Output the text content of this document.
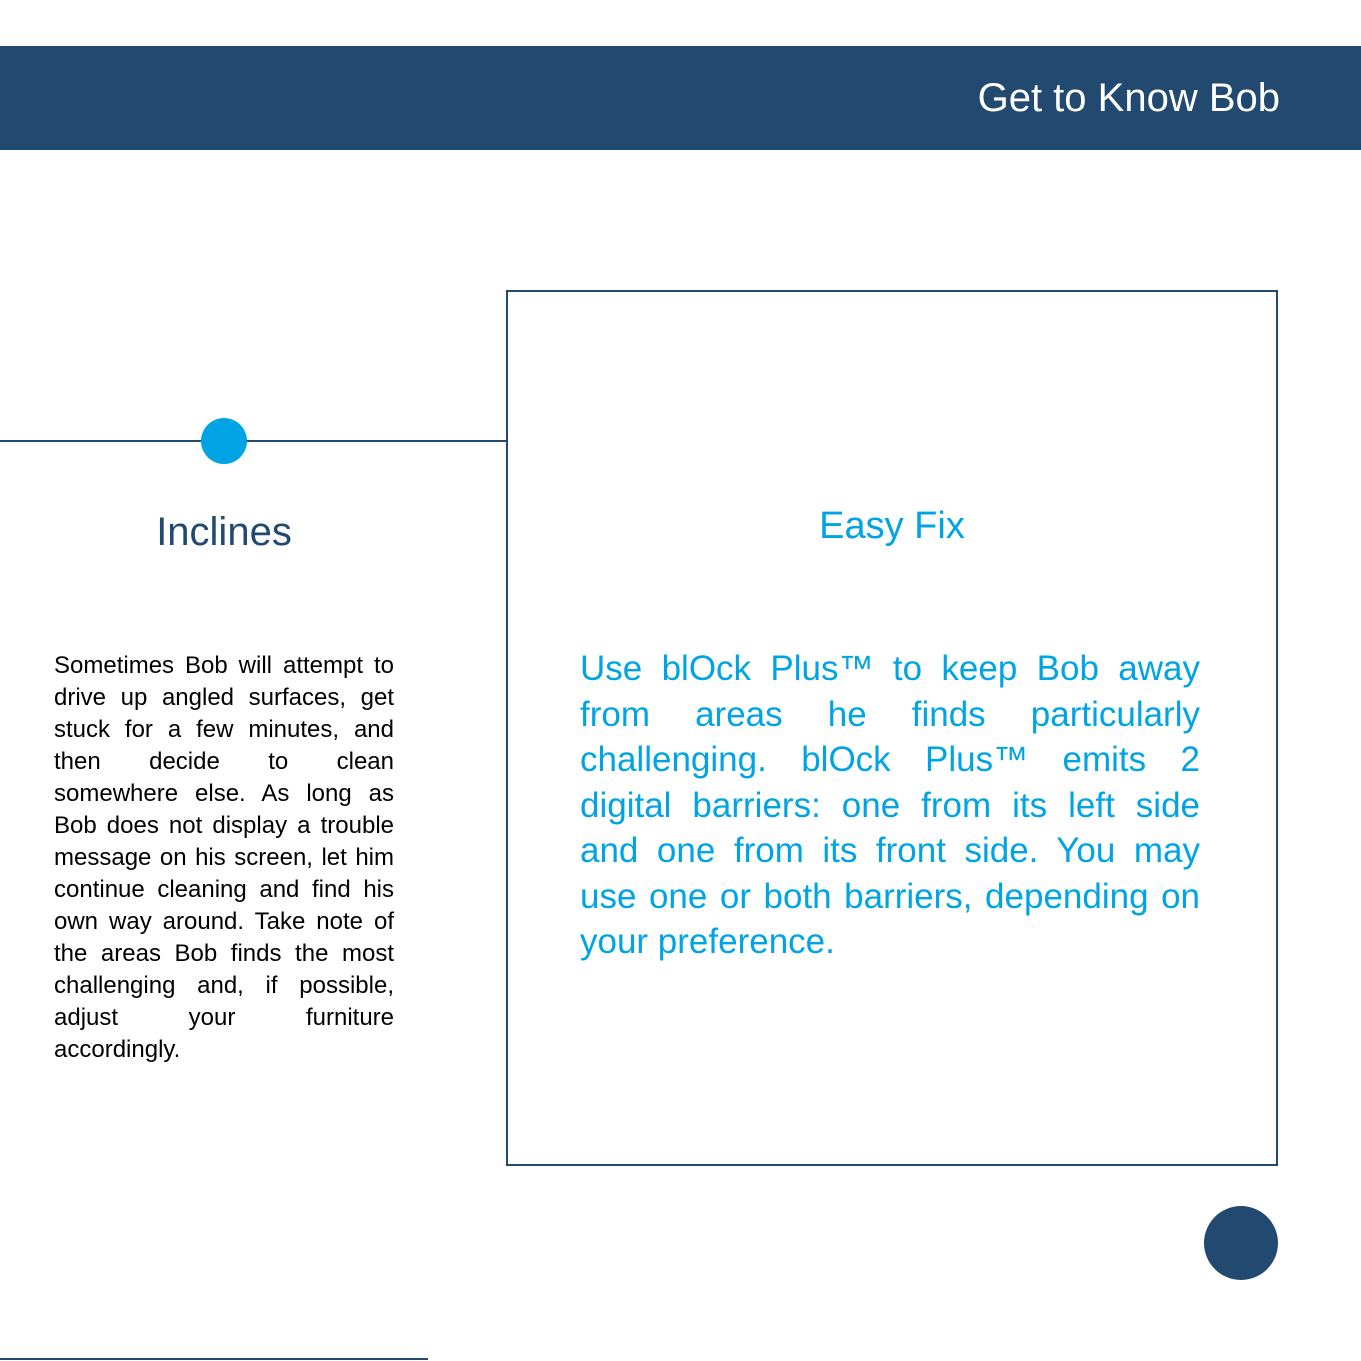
Get to Know Bob
Inclines

Sometimes Bob will attempt to drive up angled surfaces, get stuck for a few minutes, and then decide to clean somewhere else. As long as Bob does not display a trouble message on his screen, let him continue cleaning and find his own way around. Take note of the areas Bob finds the most challenging and, if possible, adjust your furniture accordingly.

Easy Fix

Use blOck Plus™ to keep Bob away from areas he finds particularly challenging. blOck Plus™ emits 2 digital barriers: one from its left side and one from its front side. You may use one or both barriers, depending on your preference.
